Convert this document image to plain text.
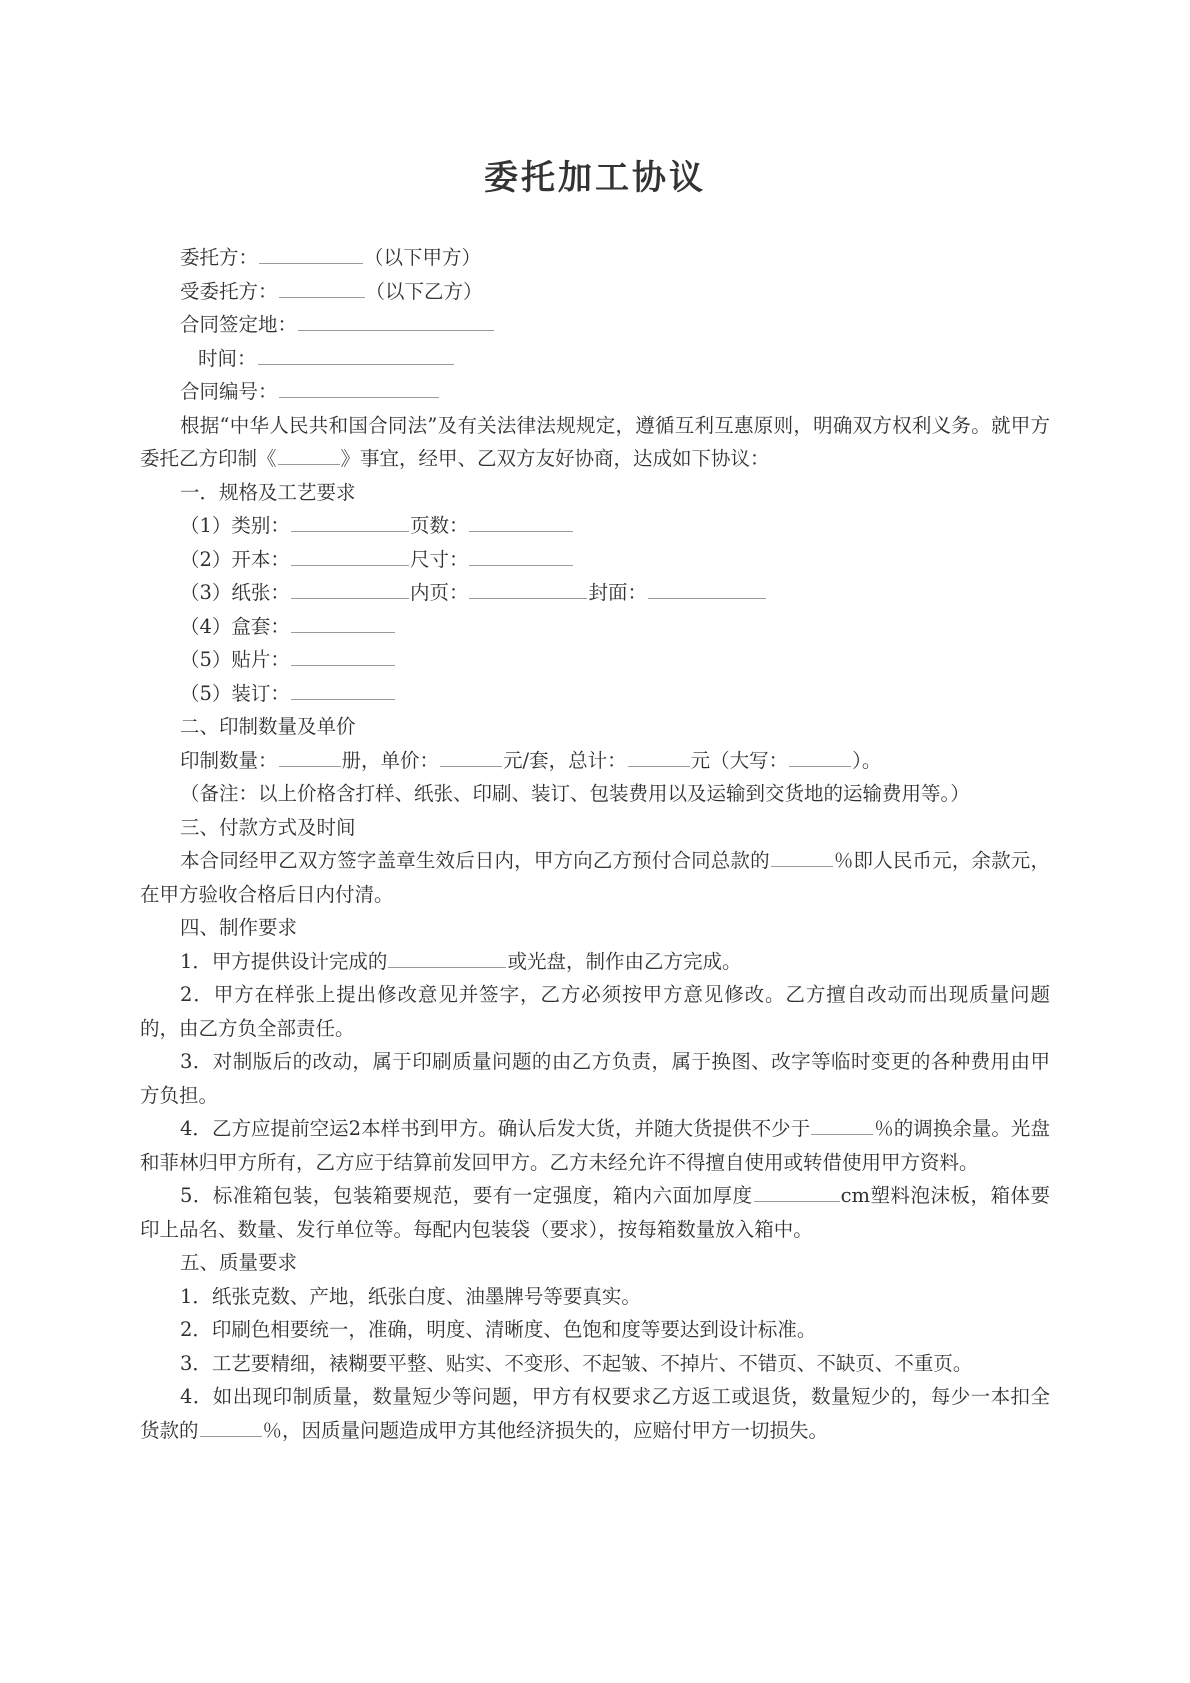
委托加工协议

委托方：	（以下甲方）

受委托方：	（以下乙方）

合同签定地：

时间：

合同编号：

根据“中华人民共和国合同法”及有关法律法规规定，遵循互利互惠原则，明确双方权利义务。就甲方委托乙方印制《	》事宜，经甲、乙双方友好协商，达成如下协议：

一．规格及工艺要求

（1）类别：	页数：

（2）开本：	尺寸：

（3）纸张：	内页：	封面：

（4）盒套：

（5）贴片：

（5）装订：

二、印制数量及单价

印制数量：	册，单价：	元/套，总计：	元（大写：	）。

（备注：以上价格含打样、纸张、印刷、装订、包装费用以及运输到交货地的运输费用等。）

三、付款方式及时间

本合同经甲乙双方签字盖章生效后日内，甲方向乙方预付合同总款的	％即人民币元，余款元，在甲方验收合格后日内付清。

四、制作要求

1．甲方提供设计完成的	或光盘，制作由乙方完成。

2．甲方在样张上提出修改意见并签字，乙方必须按甲方意见修改。乙方擅自改动而出现质量问题的，由乙方负全部责任。

3．对制版后的改动，属于印刷质量问题的由乙方负责，属于换图、改字等临时变更的各种费用由甲方负担。

4．乙方应提前空运2本样书到甲方。确认后发大货，并随大货提供不少于	％的调换余量。光盘和菲林归甲方所有，乙方应于结算前发回甲方。乙方未经允许不得擅自使用或转借使用甲方资料。

5．标准箱包装，包装箱要规范，要有一定强度，箱内六面加厚度	cm塑料泡沫板，箱体要印上品名、数量、发行单位等。每配内包装袋（要求），按每箱数量放入箱中。

五、质量要求

1．纸张克数、产地，纸张白度、油墨牌号等要真实。

2．印刷色相要统一，准确，明度、清晰度、色饱和度等要达到设计标准。

3．工艺要精细，裱糊要平整、贴实、不变形、不起皱、不掉片、不错页、不缺页、不重页。

4．如出现印制质量，数量短少等问题，甲方有权要求乙方返工或退货，数量短少的，每少一本扣全货款的	％，因质量问题造成甲方其他经济损失的，应赔付甲方一切损失。
